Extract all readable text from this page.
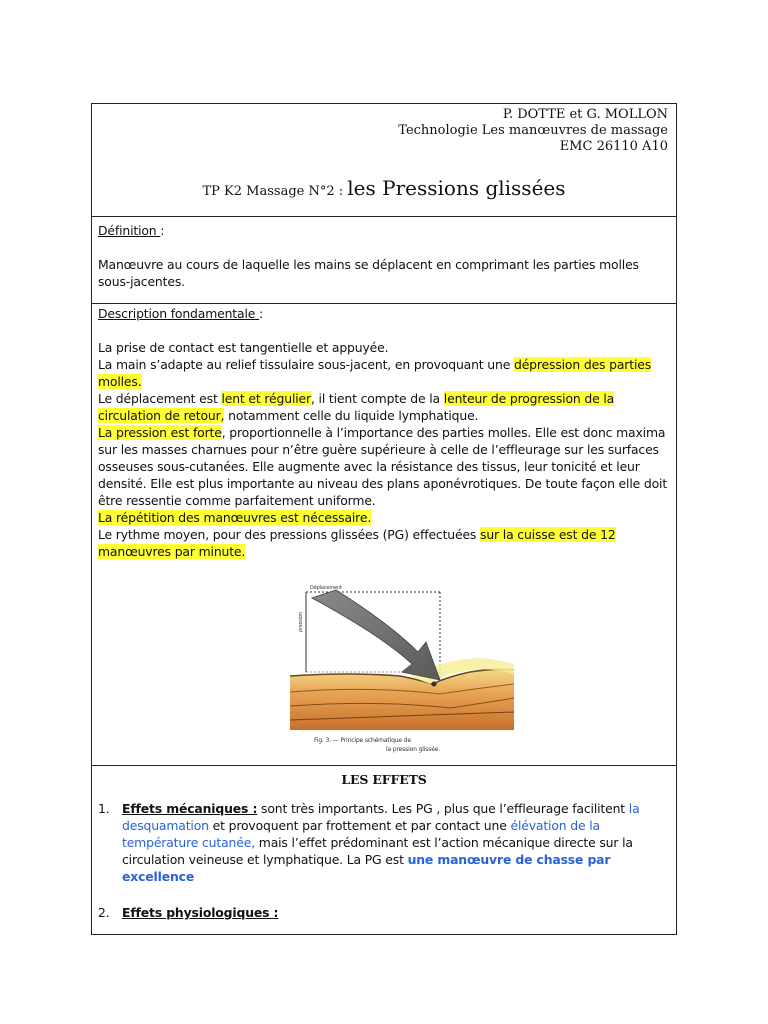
P. DOTTE et G. MOLLON
Technologie Les manœuvres de massage
EMC 26110 A10
TP K2 Massage N°2 : les Pressions glissées
Définition :
Manœuvre au cours de laquelle les mains se déplacent en comprimant les parties molles sous-jacentes.
Description fondamentale :
La prise de contact est tangentielle et appuyée.
La main s’adapte au relief tissulaire sous-jacent, en provoquant une dépression des parties molles.
Le déplacement est lent et régulier, il tient compte de la lenteur de progression de la circulation de retour, notamment celle du liquide lymphatique.
La pression est forte, proportionnelle à l’importance des parties molles. Elle est donc maxima sur les masses charnues pour n’être guère supérieure à celle de l’effleurage sur les surfaces osseuses sous-cutanées. Elle augmente avec la résistance des tissus, leur tonicité et leur densité. Elle est plus importante au niveau des plans aponévrotiques. De toute façon elle doit être ressentie comme parfaitement uniforme.
La répétition des manœuvres est nécessaire.
Le rythme moyen, pour des pressions glissées (PG) effectuées sur la cuisse est de 12 manœuvres par minute.
Déplacement
pression
Fig. 3. — Principe schématique de
la pression glissée.
LES EFFETS
1. Effets mécaniques : sont très importants. Les PG , plus que l’effleurage facilitent la desquamation et provoquent par frottement et par contact une élévation de la température cutanée, mais l’effet prédominant est l’action mécanique directe sur la circulation veineuse et lymphatique. La PG est une manœuvre de chasse par excellence
2. Effets physiologiques :
